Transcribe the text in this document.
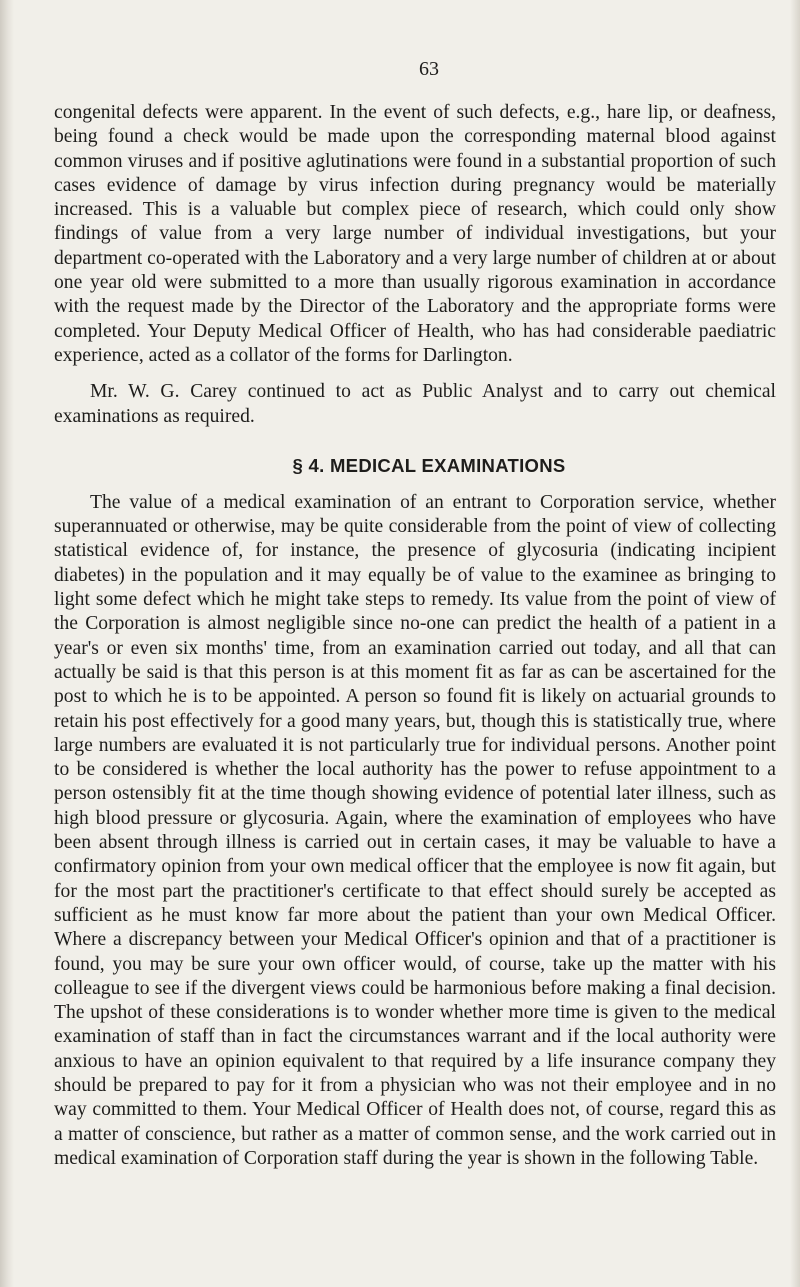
63

congenital defects were apparent. In the event of such defects, e.g., hare lip, or deafness, being found a check would be made upon the corresponding maternal blood against common viruses and if positive aglutinations were found in a substantial proportion of such cases evidence of damage by virus infection during pregnancy would be materially increased. This is a valuable but complex piece of research, which could only show findings of value from a very large number of individual investigations, but your department co-operated with the Laboratory and a very large number of children at or about one year old were submitted to a more than usually rigorous examination in accordance with the request made by the Director of the Laboratory and the appropriate forms were completed. Your Deputy Medical Officer of Health, who has had considerable paediatric experience, acted as a collator of the forms for Darlington.

Mr. W. G. Carey continued to act as Public Analyst and to carry out chemical examinations as required.

§ 4. MEDICAL EXAMINATIONS

The value of a medical examination of an entrant to Corporation service, whether superannuated or otherwise, may be quite considerable from the point of view of collecting statistical evidence of, for instance, the presence of glycosuria (indicating incipient diabetes) in the population and it may equally be of value to the examinee as bringing to light some defect which he might take steps to remedy. Its value from the point of view of the Corporation is almost negligible since no-one can predict the health of a patient in a year's or even six months' time, from an examination carried out today, and all that can actually be said is that this person is at this moment fit as far as can be ascertained for the post to which he is to be appointed. A person so found fit is likely on actuarial grounds to retain his post effectively for a good many years, but, though this is statistically true, where large numbers are evaluated it is not particularly true for individual persons. Another point to be considered is whether the local authority has the power to refuse appointment to a person ostensibly fit at the time though showing evidence of potential later illness, such as high blood pressure or glycosuria. Again, where the examination of employees who have been absent through illness is carried out in certain cases, it may be valuable to have a confirmatory opinion from your own medical officer that the employee is now fit again, but for the most part the practitioner's certificate to that effect should surely be accepted as sufficient as he must know far more about the patient than your own Medical Officer. Where a discrepancy between your Medical Officer's opinion and that of a practitioner is found, you may be sure your own officer would, of course, take up the matter with his colleague to see if the divergent views could be harmonious before making a final decision. The upshot of these considerations is to wonder whether more time is given to the medical examination of staff than in fact the circumstances warrant and if the local authority were anxious to have an opinion equivalent to that required by a life insurance company they should be prepared to pay for it from a physician who was not their employee and in no way committed to them. Your Medical Officer of Health does not, of course, regard this as a matter of conscience, but rather as a matter of common sense, and the work carried out in medical examination of Corporation staff during the year is shown in the following Table.
